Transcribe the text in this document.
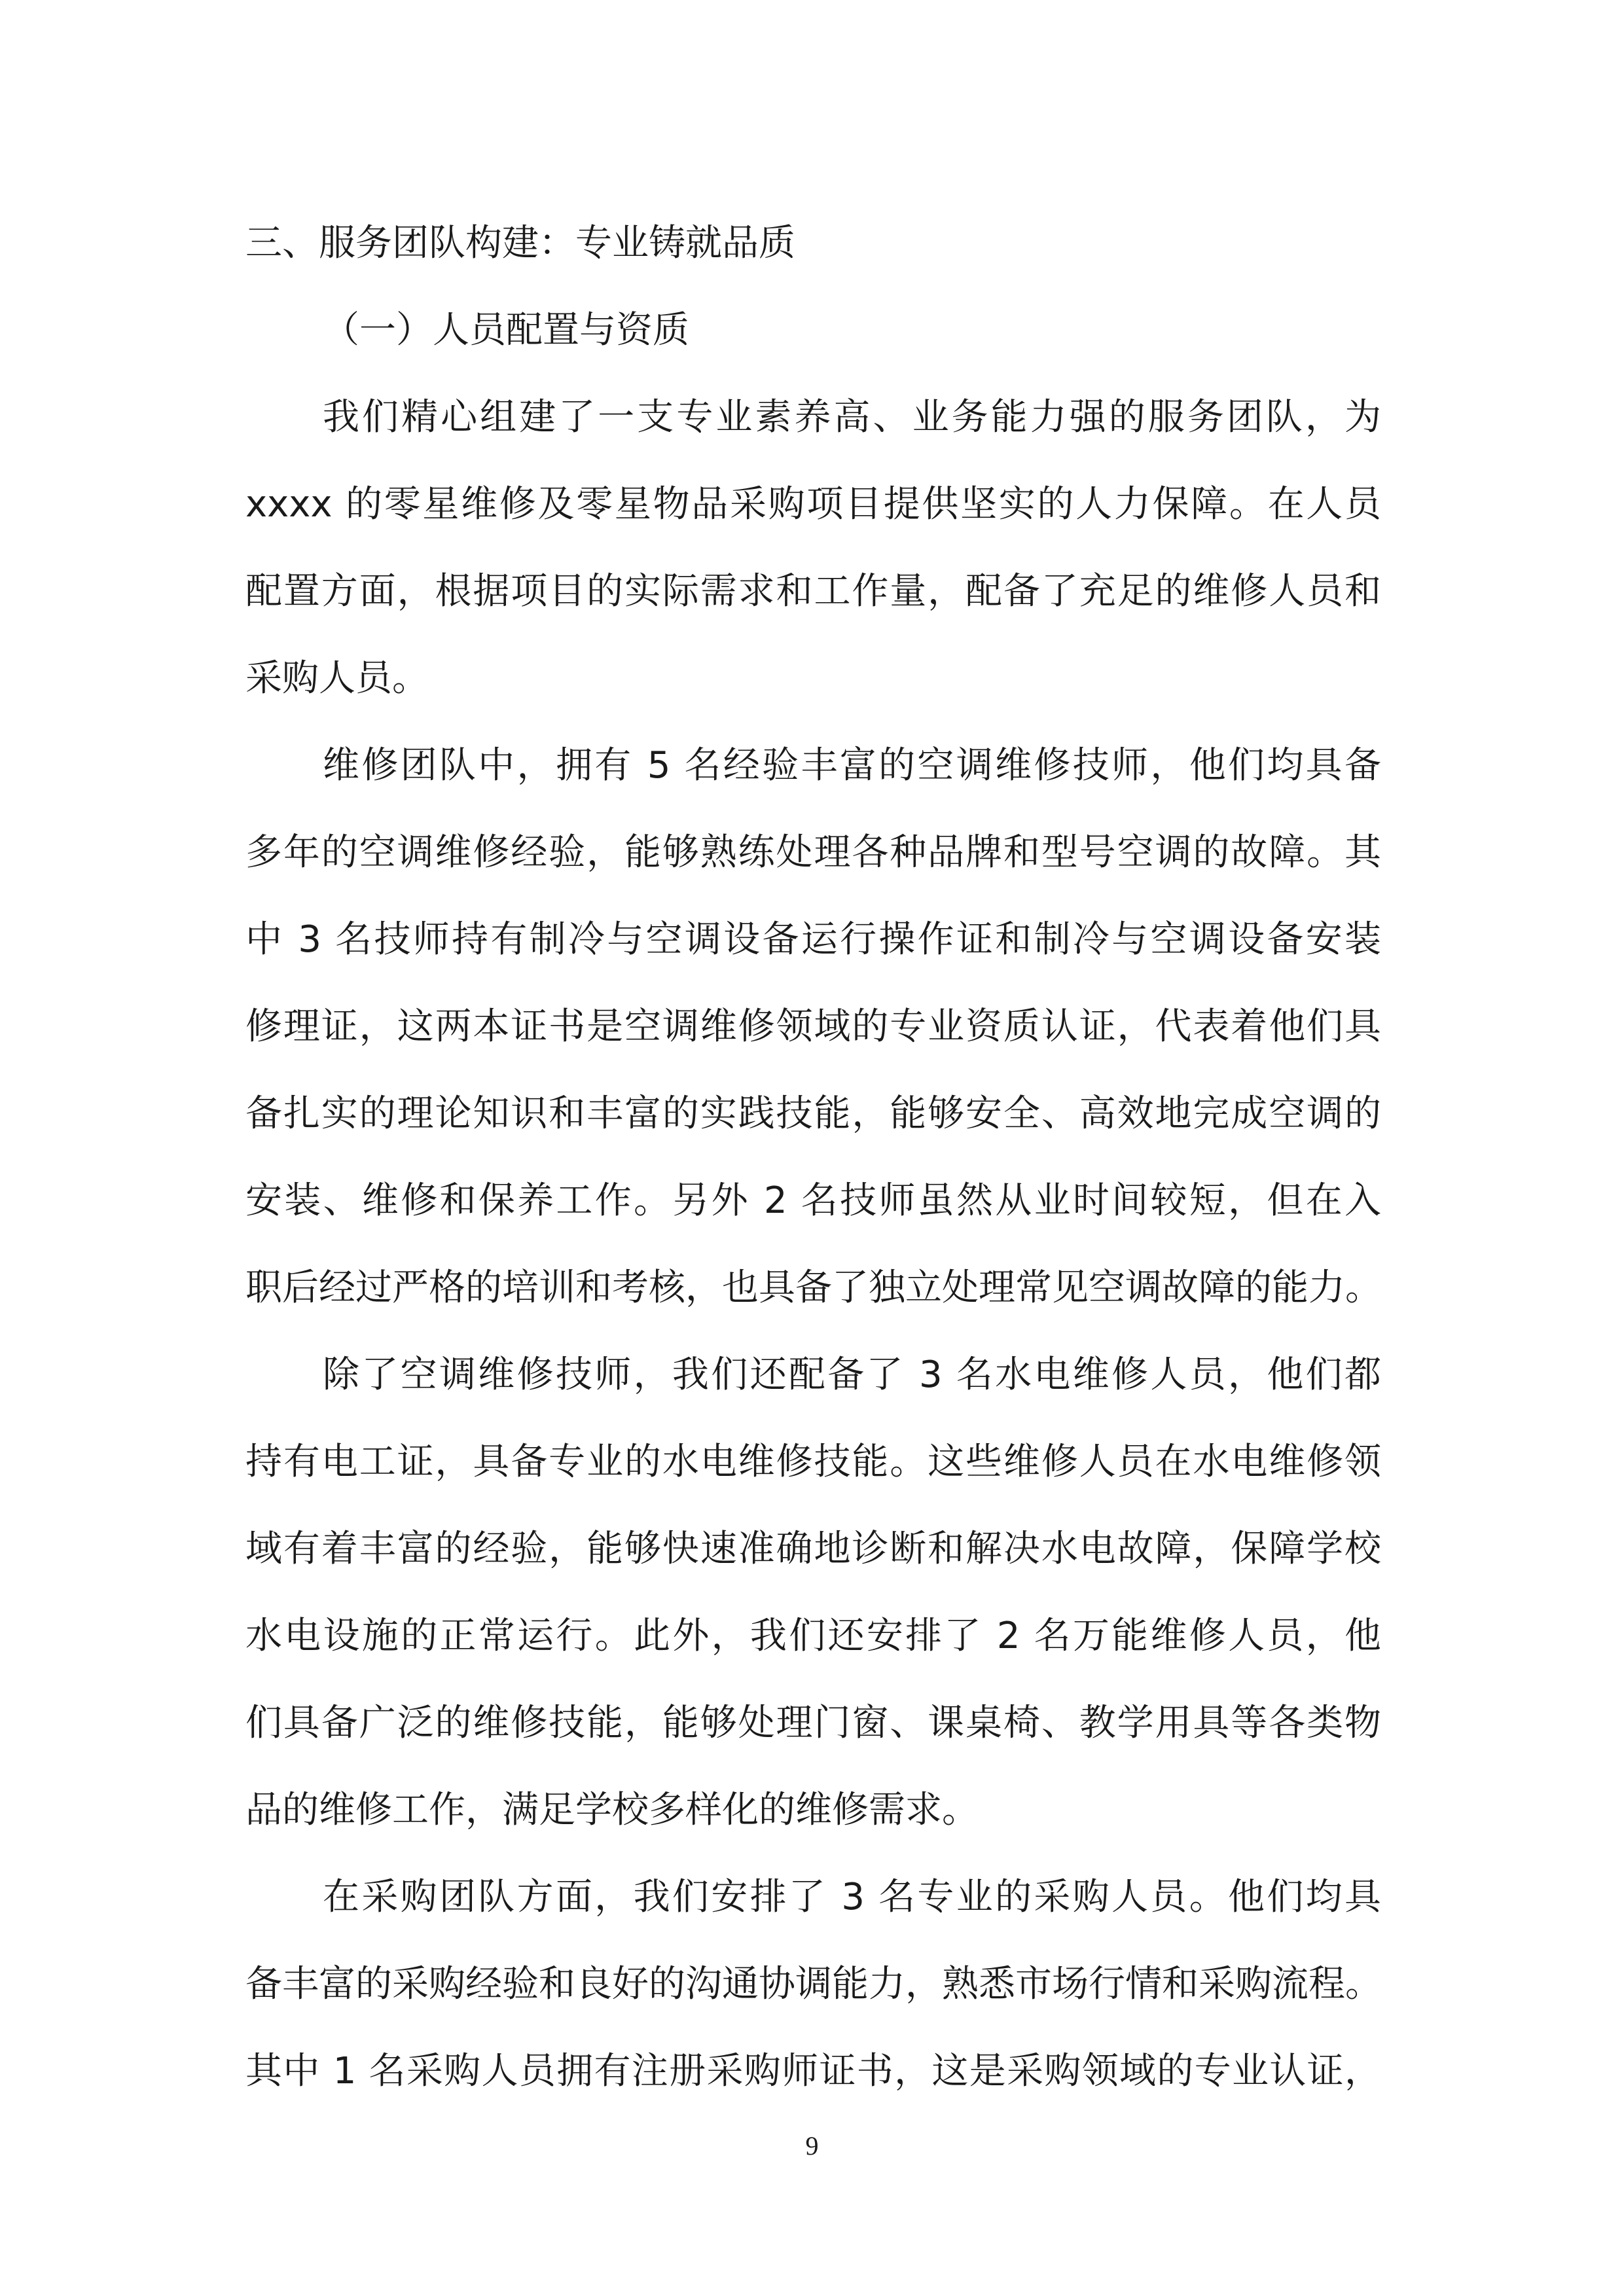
三、服务团队构建：专业铸就品质
（一）人员配置与资质
我们精心组建了一支专业素养高、业务能力强的服务团队，为
xxxx 的零星维修及零星物品采购项目提供坚实的人力保障。在人员
配置方面，根据项目的实际需求和工作量，配备了充足的维修人员和
采购人员。
维修团队中，拥有 5 名经验丰富的空调维修技师，他们均具备
多年的空调维修经验，能够熟练处理各种品牌和型号空调的故障。其
中 3 名技师持有制冷与空调设备运行操作证和制冷与空调设备安装
修理证，这两本证书是空调维修领域的专业资质认证，代表着他们具
备扎实的理论知识和丰富的实践技能，能够安全、高效地完成空调的
安装、维修和保养工作。另外 2 名技师虽然从业时间较短，但在入
职后经过严格的培训和考核，也具备了独立处理常见空调故障的能力。
除了空调维修技师，我们还配备了 3 名水电维修人员，他们都
持有电工证，具备专业的水电维修技能。这些维修人员在水电维修领
域有着丰富的经验，能够快速准确地诊断和解决水电故障，保障学校
水电设施的正常运行。此外，我们还安排了 2 名万能维修人员，他
们具备广泛的维修技能，能够处理门窗、课桌椅、教学用具等各类物
品的维修工作，满足学校多样化的维修需求。
在采购团队方面，我们安排了 3 名专业的采购人员。他们均具
备丰富的采购经验和良好的沟通协调能力，熟悉市场行情和采购流程。
其中 1 名采购人员拥有注册采购师证书，这是采购领域的专业认证，
9
